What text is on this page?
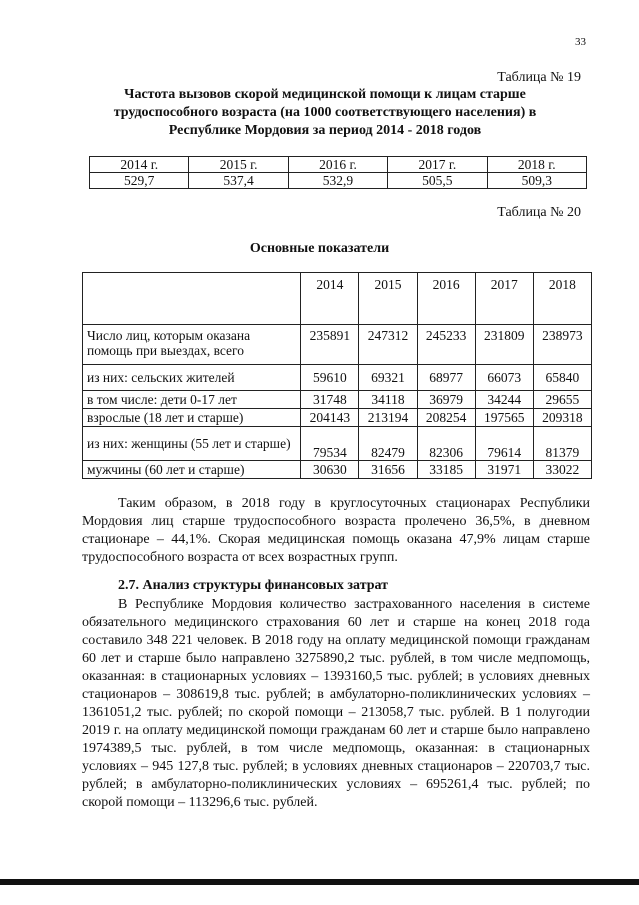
33
Таблица № 19
Частота вызовов скорой медицинской помощи к лицам старше трудоспособного возраста (на 1000 соответствующего населения) в Республике Мордовия за период 2014 - 2018 годов
2014 г.	2015 г.	2016 г.	2017 г.	2018 г.
529,7	537,4	532,9	505,5	509,3
Таблица № 20
Основные показатели
	2014	2015	2016	2017	2018
Число лиц, которым оказана помощь при выездах, всего	235891	247312	245233	231809	238973
из них: сельских жителей	59610	69321	68977	66073	65840
в том числе: дети 0-17 лет	31748	34118	36979	34244	29655
взрослые (18 лет и старше)	204143	213194	208254	197565	209318
из них: женщины (55 лет и старше)	79534	82479	82306	79614	81379
мужчины (60 лет и старше)	30630	31656	33185	31971	33022

Таким образом, в 2018 году в круглосуточных стационарах Республики Мордовия лиц старше трудоспособного возраста пролечено 36,5%, в дневном стационаре – 44,1%. Скорая медицинская помощь оказана 47,9% лицам старше трудоспособного возраста от всех возрастных групп.

2.7. Анализ структуры финансовых затрат

В Республике Мордовия количество застрахованного населения в системе обязательного медицинского страхования 60 лет и старше на конец 2018 года составило 348 221 человек. В 2018 году на оплату медицинской помощи гражданам 60 лет и старше было направлено 3275890,2 тыс. рублей, в том числе медпомощь, оказанная: в стационарных условиях – 1393160,5 тыс. рублей; в условиях дневных стационаров – 308619,8 тыс. рублей; в амбулаторно-поликлинических условиях – 1361051,2 тыс. рублей; по скорой помощи – 213058,7 тыс. рублей. В 1 полугодии 2019 г. на оплату медицинской помощи гражданам 60 лет и старше было направлено 1974389,5 тыс. рублей, в том числе медпомощь, оказанная: в стационарных условиях – 945 127,8 тыс. рублей; в условиях дневных стационаров – 220703,7 тыс. рублей; в амбулаторно-поликлинических условиях – 695261,4 тыс. рублей; по скорой помощи – 113296,6 тыс. рублей.
